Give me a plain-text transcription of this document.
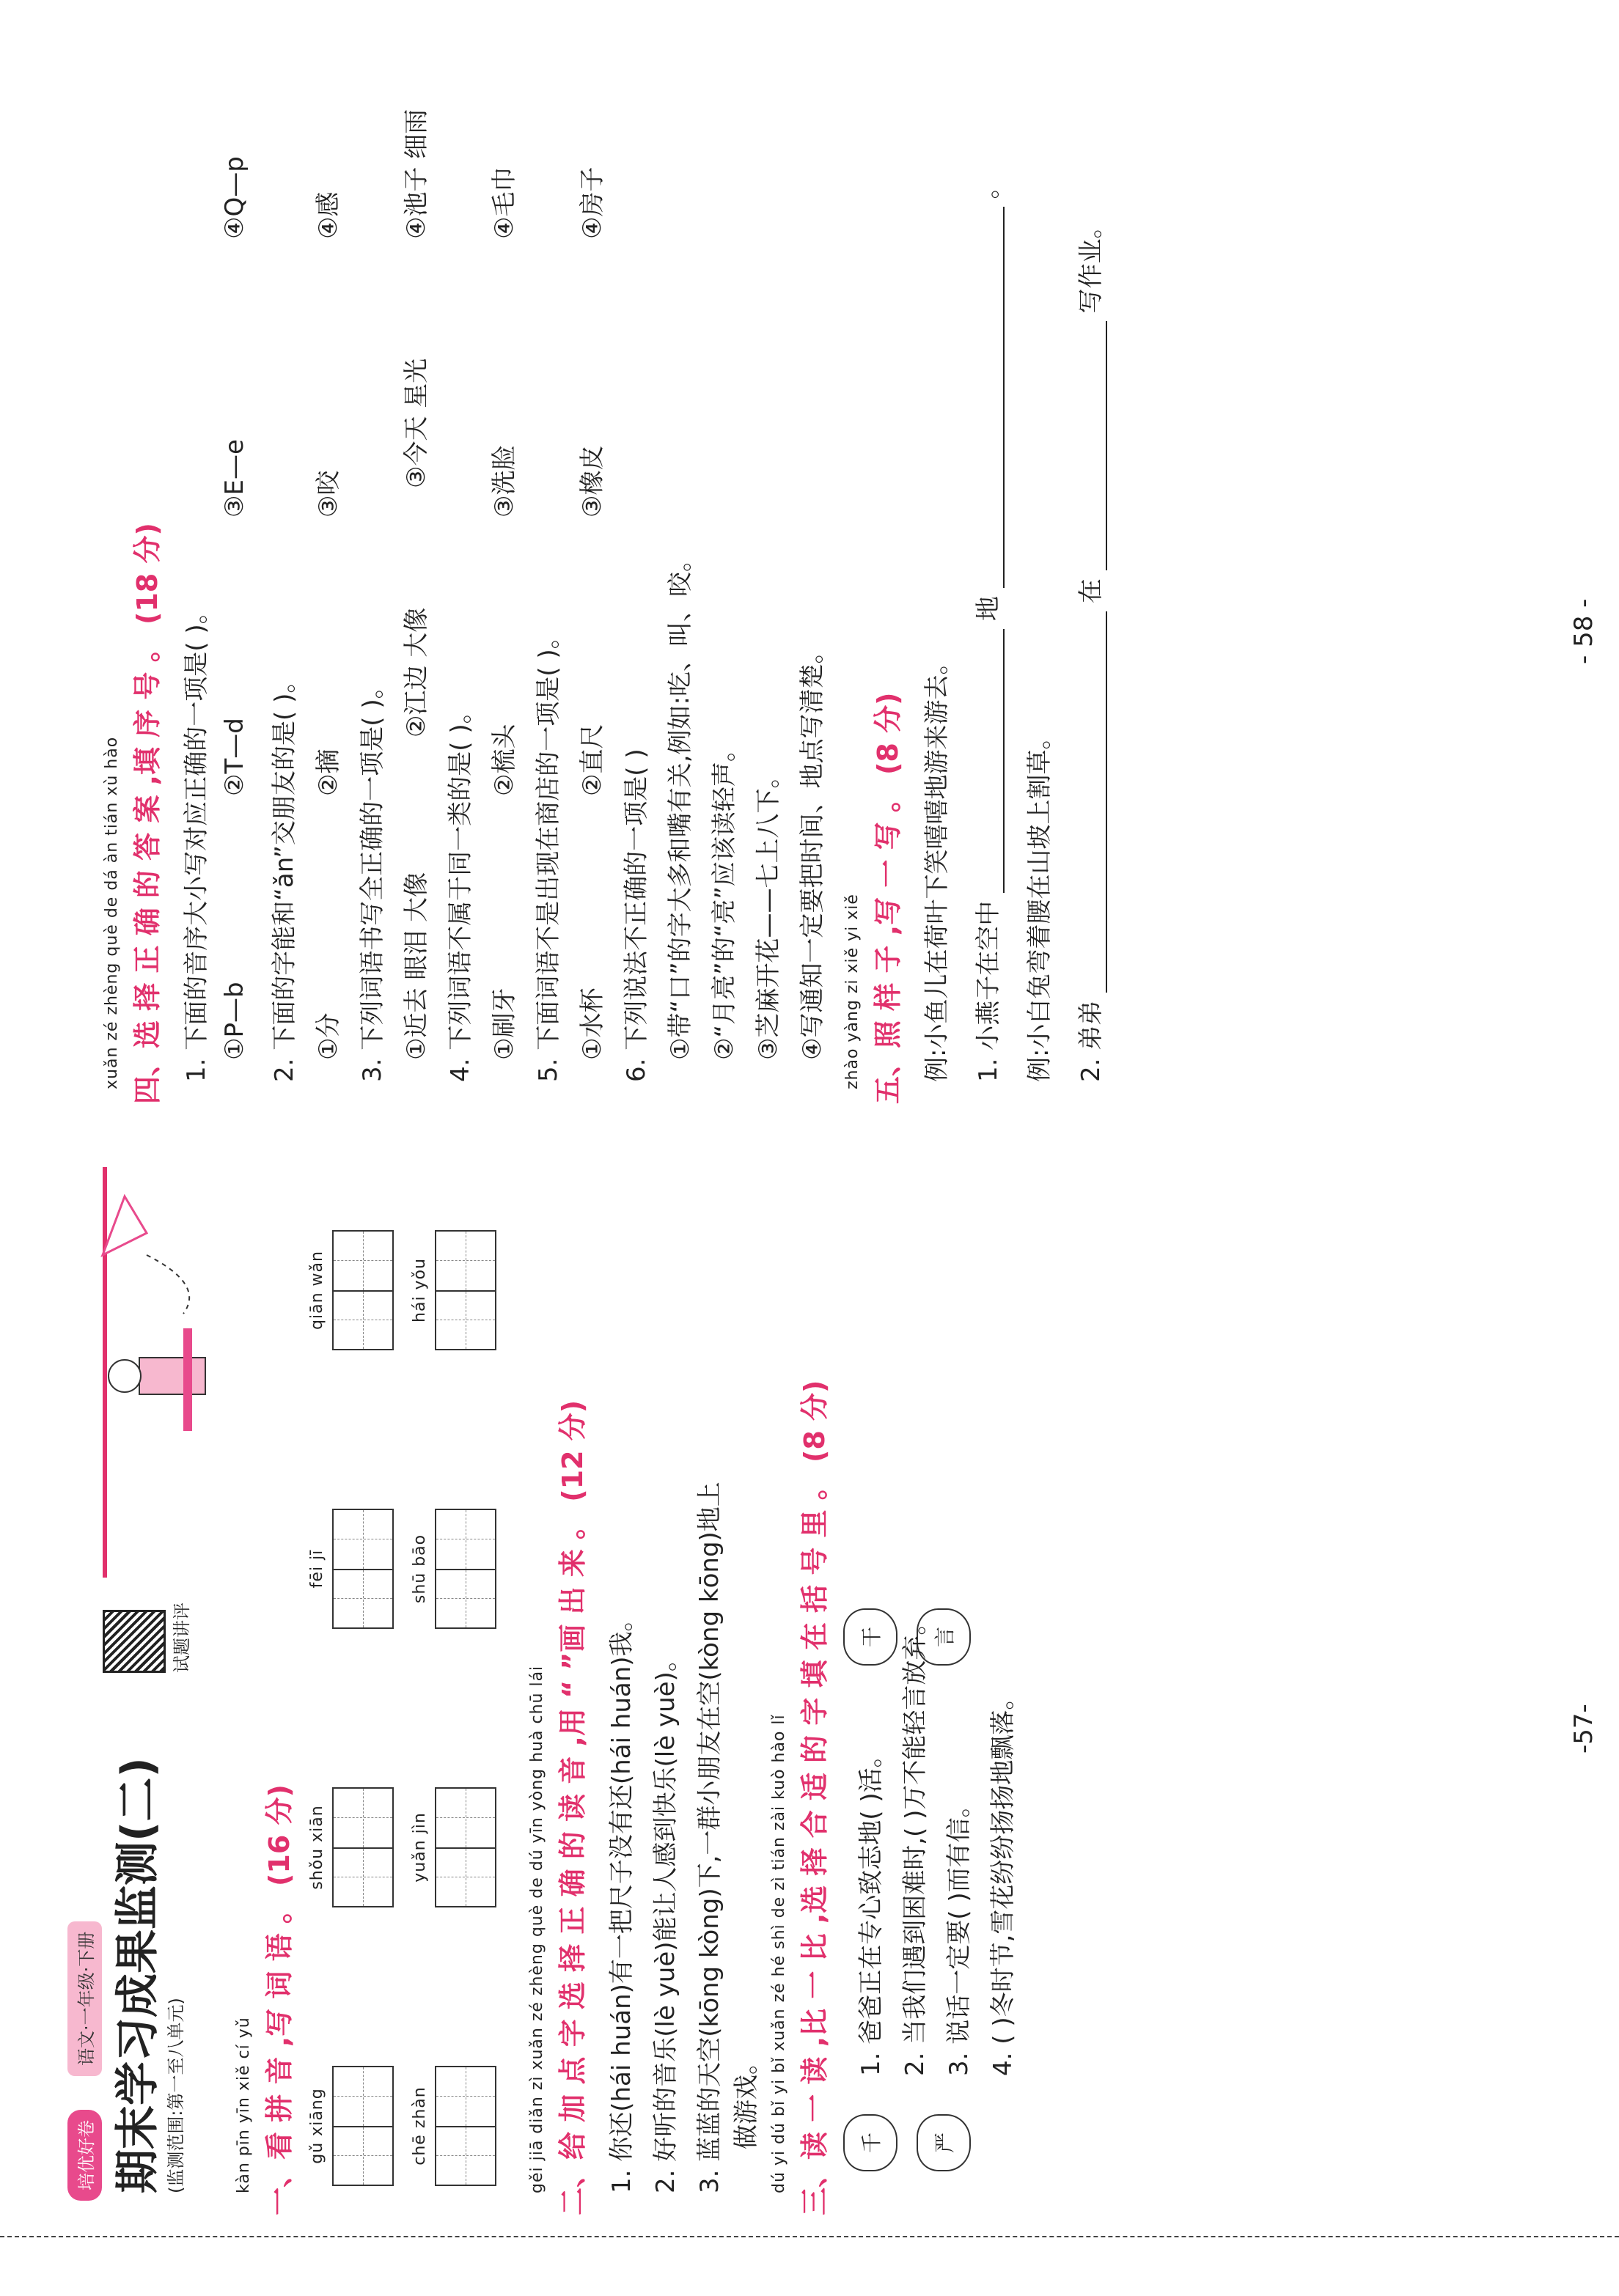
培优好卷
语文·一年级·下册 期末学习成果监测(二) (监测范围:第一至八单元)
试题讲评
kàn pīn yīn xiě cí yǔ 一、看 拼 音 ,写 词 语 。 (16 分)
gǔ xiāng
shǒu xiān
fēi jī
qiān wǎn
chē zhàn
yuǎn jìn
shū bāo
hái yǒu
gěi jiā diǎn zì xuǎn zé zhèng què de dú yīn yòng huà chū lái 二、给 加 点 字 选 择 正 确 的 读 音 ,用 “ ”画 出 来 。 (12 分)
1. 你还(hái huán)有一把尺子没有还(hái huán)我。 2. 好听的音乐(lè yuè)能让人感到快乐(lè yuè)。 3. 蓝蓝的天空(kōng kòng)下,一群小朋友在空(kòng kōng)地上 做游戏。 dú yi dú bǐ yi bǐ xuǎn zé hé shì de zì tián zài kuò hào lǐ 三、读 一 读 ,比 一 比 ,选 择 合 适 的 字 填 在 括 号 里 。 (8 分)
千	严
干	言
1. 爸爸正在专心致志地( )活。 2. 当我们遇到困难时,( )万不能轻言放弃。 3. 说话一定要( )而有信。 4. ( )冬时节,雪花纷纷扬扬地飘落。	-57-
xuǎn zé zhèng què de dá àn tián xù hào 四、选 择 正 确 的 答 案 ,填 序 号 。 (18 分)
1. 下面的音序大小写对应正确的一项是( )。 ①P—b
②T—d
③E—e
④Q—p
2. 下面的字能和“ǎn”交朋友的是( )。 ①分
②摘
③咬
④感
3. 下列词语书写全正确的一项是( )。 ①近去 眼泪 大像
②江边 大像
③今天 星光
④池子 细雨
4. 下列词语不属于同一类的是( )。 ①刷牙
②梳头
③洗脸
④毛巾
5. 下面词语不是出现在商店的一项是( )。 ①水杯
②直尺
③橡皮
④房子
6. 下列说法不正确的一项是( ) ①带“口”的字大多和嘴有关,例如:吃、叫、咬。 ②“月亮”的“亮”应该读轻声。 ③芝麻开花——七上八下。 ④写通知一定要把时间、地点写清楚。 zhào yàng zi xiě yi xiě 五、照 样 子 ,写 一 写 。 (8 分) 例:小鱼儿在荷叶下笑嘻嘻地游来游去。 1. 小燕子在空中   地   。
例:小白兔弯着腰在山坡上割草。 2. 弟弟   在   写作业。
- 58 -
